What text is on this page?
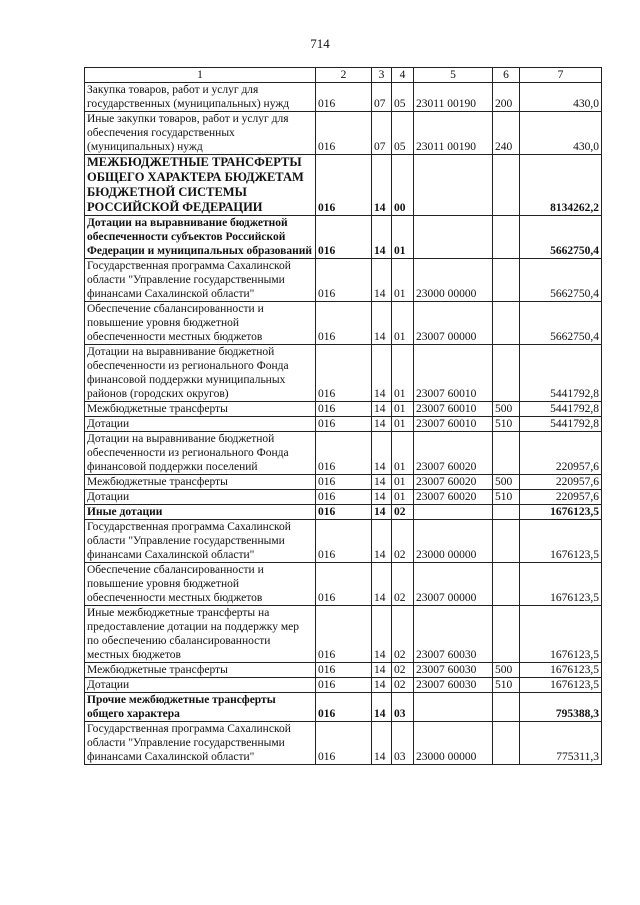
714
1	2	3	4	5	6	7
Закупка товаров, работ и услуг для государственных (муниципальных) нужд	016	07	05	23011 00190	200	430,0
Иные закупки товаров, работ и услуг для обеспечения государственных (муниципальных) нужд	016	07	05	23011 00190	240	430,0
МЕЖБЮДЖЕТНЫЕ ТРАНСФЕРТЫ ОБЩЕГО ХАРАКТЕРА БЮДЖЕТАМ БЮДЖЕТНОЙ СИСТЕМЫ РОССИЙСКОЙ ФЕДЕРАЦИИ	016	14	00			8134262,2
Дотации на выравнивание бюджетной обеспеченности субъектов Российской Федерации и муниципальных образований	016	14	01			5662750,4
Государственная программа Сахалинской области "Управление государственными финансами Сахалинской области"	016	14	01	23000 00000		5662750,4
Обеспечение сбалансированности и повышение уровня бюджетной обеспеченности местных бюджетов	016	14	01	23007 00000		5662750,4
Дотации на выравнивание бюджетной обеспеченности из регионального Фонда финансовой поддержки муниципальных районов (городских округов)	016	14	01	23007 60010		5441792,8
Межбюджетные трансферты	016	14	01	23007 60010	500	5441792,8
Дотации	016	14	01	23007 60010	510	5441792,8
Дотации на выравнивание бюджетной обеспеченности из регионального Фонда финансовой поддержки поселений	016	14	01	23007 60020		220957,6
Межбюджетные трансферты	016	14	01	23007 60020	500	220957,6
Дотации	016	14	01	23007 60020	510	220957,6
Иные дотации	016	14	02			1676123,5
Государственная программа Сахалинской области "Управление государственными финансами Сахалинской области"	016	14	02	23000 00000		1676123,5
Обеспечение сбалансированности и повышение уровня бюджетной обеспеченности местных бюджетов	016	14	02	23007 00000		1676123,5
Иные межбюджетные трансферты на предоставление дотации на поддержку мер по обеспечению сбалансированности местных бюджетов	016	14	02	23007 60030		1676123,5
Межбюджетные трансферты	016	14	02	23007 60030	500	1676123,5
Дотации	016	14	02	23007 60030	510	1676123,5
Прочие межбюджетные трансферты общего характера	016	14	03			795388,3
Государственная программа Сахалинской области "Управление государственными финансами Сахалинской области"	016	14	03	23000 00000		775311,3
